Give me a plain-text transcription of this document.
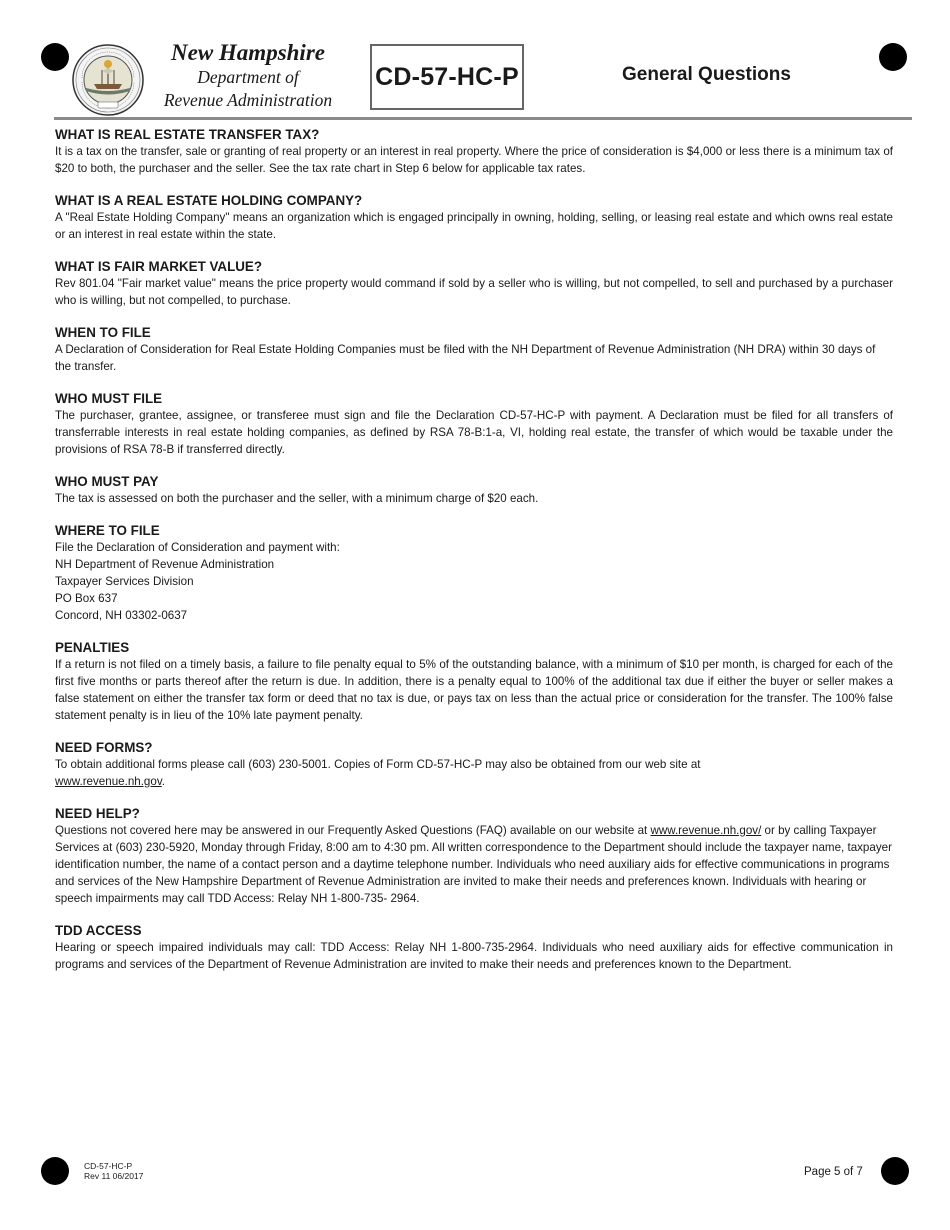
New Hampshire
Department of
Revenue Administration
CD-57-HC-P	General Questions
WHAT IS REAL ESTATE TRANSFER TAX?

It is a tax on the transfer, sale or granting of real property or an interest in real property. Where the price of consideration is $4,000 or less there is a minimum tax of $20 to both, the purchaser and the seller. See the tax rate chart in Step 6 below for applicable tax rates.

WHAT IS A REAL ESTATE HOLDING COMPANY?

A "Real Estate Holding Company" means an organization which is engaged principally in owning, holding, selling, or leasing real estate and which owns real estate or an interest in real estate within the state.

WHAT IS FAIR MARKET VALUE?

Rev 801.04 "Fair market value" means the price property would command if sold by a seller who is willing, but not compelled, to sell and purchased by a purchaser who is willing, but not compelled, to purchase.

WHEN TO FILE

A Declaration of Consideration for Real Estate Holding Companies must be filed with the NH Department of Revenue Administration (NH DRA) within 30 days of the transfer.

WHO MUST FILE

The purchaser, grantee, assignee, or transferee must sign and file the Declaration CD-57-HC-P with payment. A Declaration must be filed for all transfers of transferrable interests in real estate holding companies, as defined by RSA 78-B:1-a, VI, holding real estate, the transfer of which would be taxable under the provisions of RSA 78-B if transferred directly.

WHO MUST PAY

The tax is assessed on both the purchaser and the seller, with a minimum charge of $20 each.

WHERE TO FILE

File the Declaration of Consideration and payment with:

NH Department of Revenue Administration

Taxpayer Services Division

PO Box 637

Concord, NH 03302-0637

PENALTIES

If a return is not filed on a timely basis, a failure to file penalty equal to 5% of the outstanding balance, with a minimum of $10 per month, is charged for each of the first five months or parts thereof after the return is due. In addition, there is a penalty equal to 100% of the additional tax due if either the buyer or seller makes a false statement on either the transfer tax form or deed that no tax is due, or pays tax on less than the actual price or consideration for the transfer. The 100% false statement penalty is in lieu of the 10% late payment penalty.

NEED FORMS?

To obtain additional forms please call (603) 230-5001. Copies of Form CD-57-HC-P may also be obtained from our web site at
www.revenue.nh.gov.

NEED HELP?

Questions not covered here may be answered in our Frequently Asked Questions (FAQ) available on our website at www.revenue.nh.gov/ or by calling Taxpayer Services at (603) 230-5920, Monday through Friday, 8:00 am to 4:30 pm. All written correspondence to the Department should include the taxpayer name, taxpayer identification number, the name of a contact person and a daytime telephone number. Individuals who need auxiliary aids for effective communications in programs and services of the New Hampshire Department of Revenue Administration are invited to make their needs and preferences known. Individuals with hearing or speech impairments may call TDD Access: Relay NH 1-800-735- 2964.

TDD ACCESS

Hearing or speech impaired individuals may call: TDD Access: Relay NH 1-800-735-2964. Individuals who need auxiliary aids for effective communication in programs and services of the Department of Revenue Administration are invited to make their needs and preferences known to the Department.

CD-57-HC-P
Rev 11 06/2017	Page 5 of 7
